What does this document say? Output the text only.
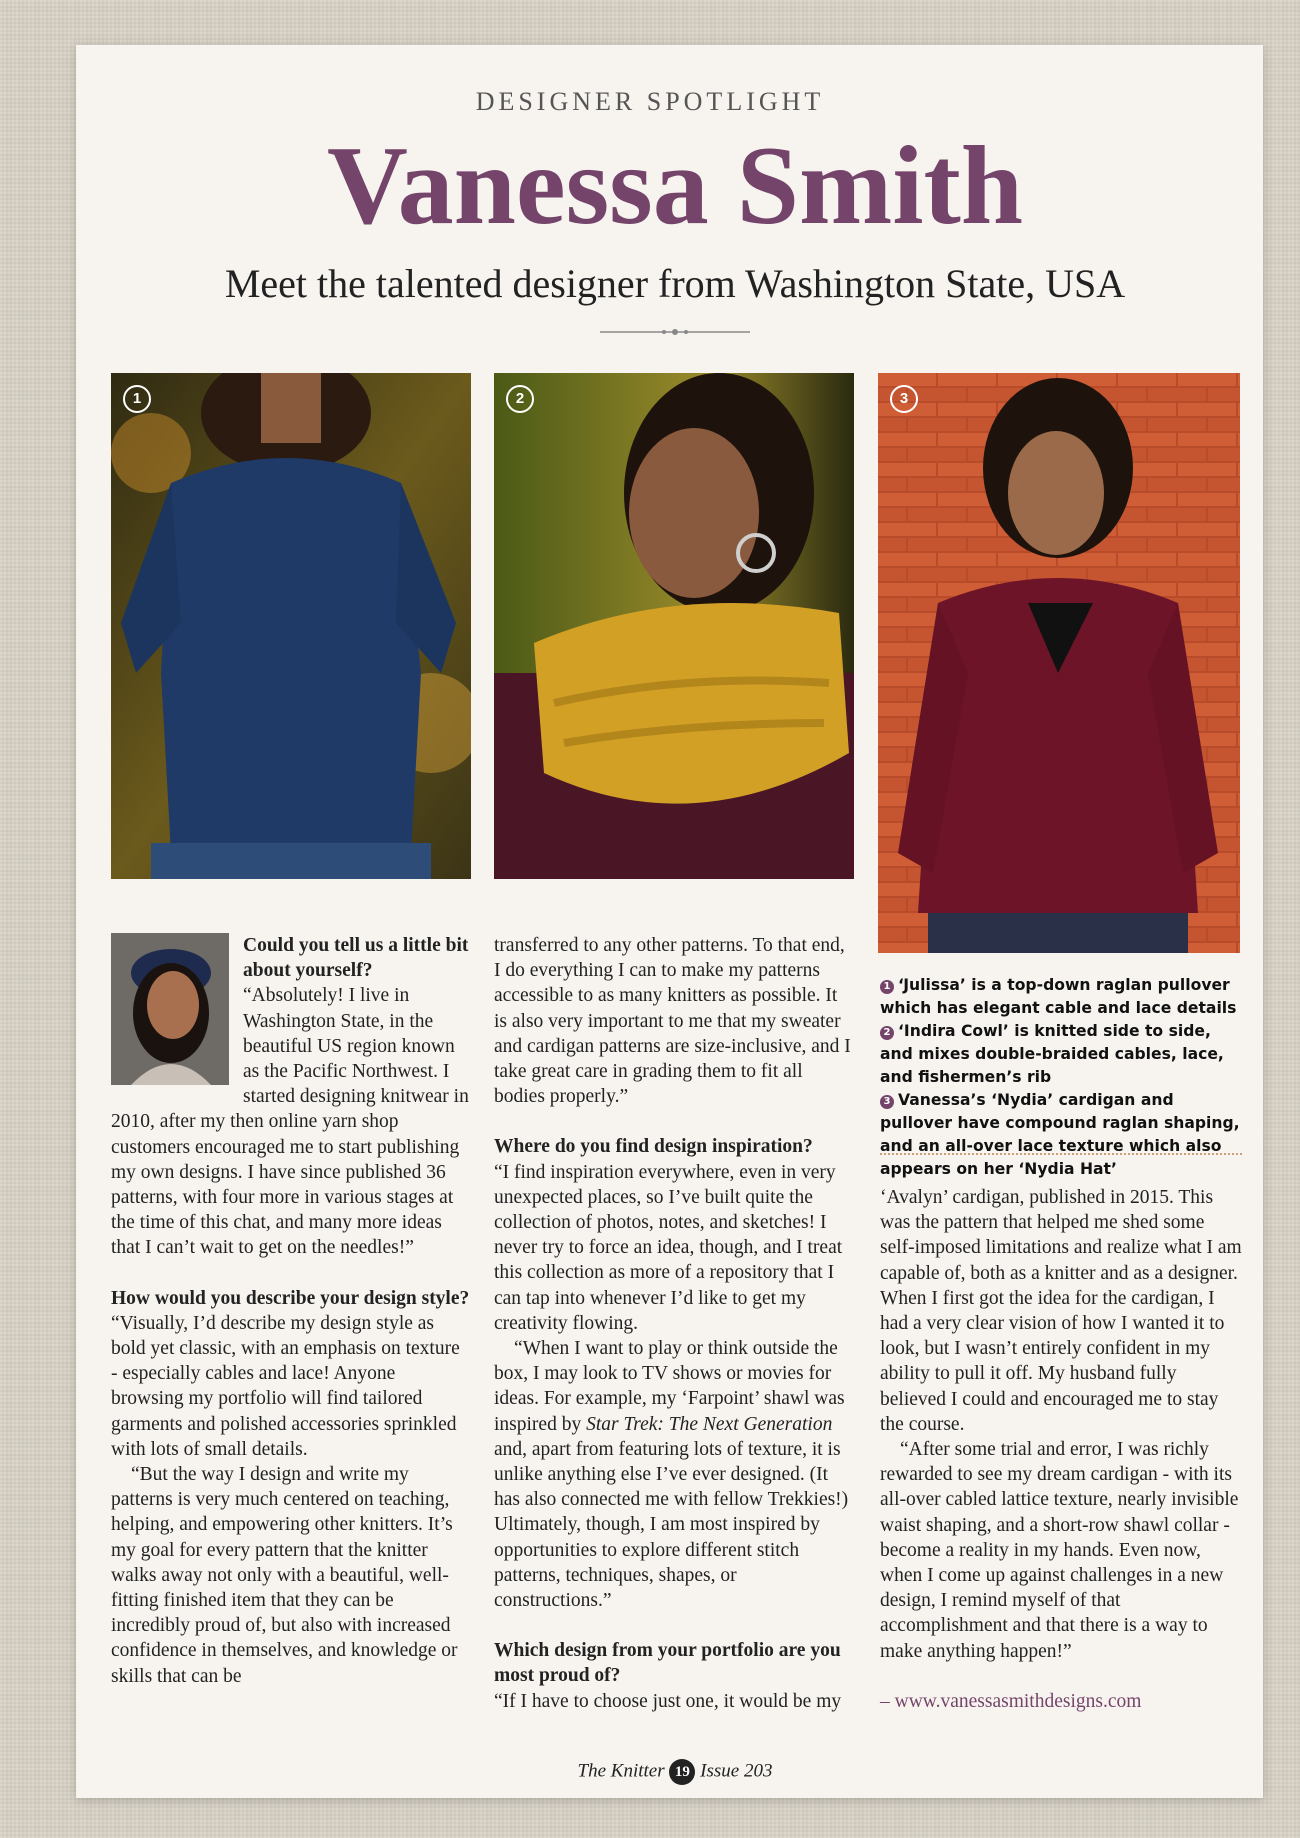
DESIGNER SPOTLIGHT
Vanessa Smith
Meet the talented designer from Washington State, USA
1	2	3

Could you tell us a little bit about yourself?

“Absolutely! I live in Washington State, in the beautiful US region known as the Pacific Northwest. I started designing knitwear in 2010, after my then online yarn shop customers encouraged me to start publishing my own designs. I have since published 36 patterns, with four more in various stages at the time of this chat, and many more ideas that I can’t wait to get on the needles!”

How would you describe your design style?

“Visually, I’d describe my design style as bold yet classic, with an emphasis on texture - especially cables and lace! Anyone browsing my portfolio will find tailored garments and polished accessories sprinkled with lots of small details.

“But the way I design and write my patterns is very much centered on teaching, helping, and empowering other knitters. It’s my goal for every pattern that the knitter walks away not only with a beautiful, well-fitting finished item that they can be incredibly proud of, but also with increased confidence in themselves, and knowledge or skills that can be

transferred to any other patterns. To that end, I do everything I can to make my patterns accessible to as many knitters as possible. It is also very important to me that my sweater and cardigan patterns are size-inclusive, and I take great care in grading them to fit all bodies properly.”

Where do you find design inspiration?

“I find inspiration everywhere, even in very unexpected places, so I’ve built quite the collection of photos, notes, and sketches! I never try to force an idea, though, and I treat this collection as more of a repository that I can tap into whenever I’d like to get my creativity flowing.

“When I want to play or think outside the box, I may look to TV shows or movies for ideas. For example, my ‘Farpoint’ shawl was inspired by Star Trek: The Next Generation and, apart from featuring lots of texture, it is unlike anything else I’ve ever designed. (It has also connected me with fellow Trekkies!) Ultimately, though, I am most inspired by opportunities to explore different stitch patterns, techniques, shapes, or constructions.”

Which design from your portfolio are you most proud of?

“If I have to choose just one, it would be my

1 ‘Julissa’ is a top-down raglan pullover which has elegant cable and lace details

2 ‘Indira Cowl’ is knitted side to side, and mixes double-braided cables, lace, and fishermen’s rib

3 Vanessa’s ‘Nydia’ cardigan and pullover have compound raglan shaping, and an all-over lace texture which also appears on her ‘Nydia Hat’

‘Avalyn’ cardigan, published in 2015. This was the pattern that helped me shed some self-imposed limitations and realize what I am capable of, both as a knitter and as a designer. When I first got the idea for the cardigan, I had a very clear vision of how I wanted it to look, but I wasn’t entirely confident in my ability to pull it off. My husband fully believed I could and encouraged me to stay the course.

“After some trial and error, I was richly rewarded to see my dream cardigan - with its all-over cabled lattice texture, nearly invisible waist shaping, and a short-row shawl collar - become a reality in my hands. Even now, when I come up against challenges in a new design, I remind myself of that accomplishment and that there is a way to make anything happen!”

– www.vanessasmithdesigns.com

The Knitter 19 Issue 203
